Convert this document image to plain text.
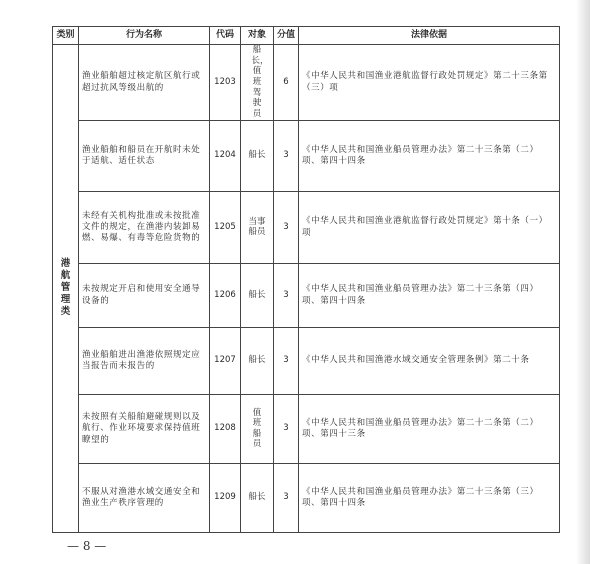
类别	行为名称	代码	对象	分值	法律依据
港航管理类	渔业船舶超过核定航区航行或超过抗风等级出航的	1203	船长，值班驾驶员	6	《中华人民共和国渔业港航监督行政处罚规定》第二十三条第（三）项
	渔业船舶和船员在开航时未处于适航、适任状态	1204	船长	3	《中华人民共和国渔业船员管理办法》第二十三条第（二）项、第四十四条
	未经有关机构批准或未按批准文件的规定，在渔港内装卸易燃、易爆、有毒等危险货物的	1205	当事船员	3	《中华人民共和国渔业港航监督行政处罚规定》第十条（一）项
	未按规定开启和使用安全通导设备的	1206	船长	3	《中华人民共和国渔业船员管理办法》第二十三条第（四）项、第四十四条
	渔业船舶进出渔港依照规定应当报告而未报告的	1207	船长	3	《中华人民共和国渔港水域交通安全管理条例》第二十条
	未按照有关船舶避碰规则以及航行、作业环境要求保持值班瞭望的	1208	值班船员	3	《中华人民共和国渔业船员管理办法》第二十二条第（二）项、第四十三条
	不服从对渔港水域交通安全和渔业生产秩序管理的	1209	船长	3	《中华人民共和国渔业船员管理办法》第二十三条第（三）项、第四十四条
— 8 —
